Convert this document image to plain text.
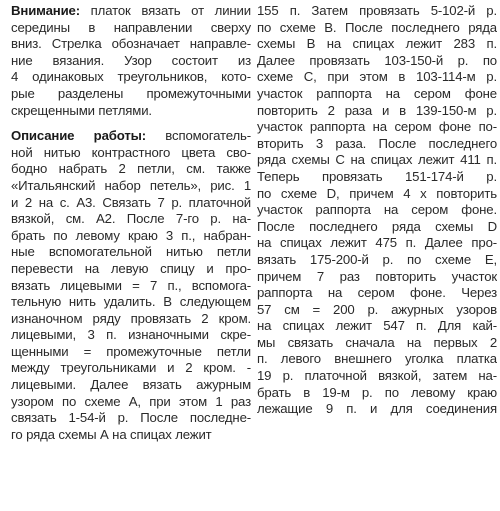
Внимание: платок вязать от линии
середины в направлении сверху
вниз. Стрелка обозначает направле-
ние вязания. Узор состоит из
4 одинаковых треугольников, кото-
рые разделены промежуточными
скрещенными петлями.
Описание работы: вспомогатель-
ной нитью контрастного цвета сво-
бодно набрать 2 петли, см. также
«Итальянский набор петель», рис. 1
и 2 на с. А3. Связать 7 р. платочной
вязкой, см. А2. После 7-го р. на-
брать по левому краю 3 п., набран-
ные вспомогательной нитью петли
перевести на левую спицу и про-
вязать лицевыми = 7 п., вспомога-
тельную нить удалить. В следующем
изнаночном ряду провязать 2 кром.
лицевыми, 3 п. изнаночными скре-
щенными = промежуточные петли
между треугольниками и 2 кром. -
лицевыми. Далее вязать ажурным
узором по схеме А, при этом 1 раз
связать 1-54-й р. После последне-
го ряда схемы А на спицах лежит
155 п. Затем провязать 5-102-й р.
по схеме В. После последнего ряда
схемы В на спицах лежит 283 п.
Далее провязать 103-150-й р. по
схеме С, при этом в 103-114-м р.
участок раппорта на сером фоне
повторить 2 раза и в 139-150-м р.
участок раппорта на сером фоне по-
вторить 3 раза. После последнего
ряда схемы С на спицах лежит 411 п.
Теперь провязать 151-174-й р.
по схеме D, причем 4 х повторить
участок раппорта на сером фоне.
После последнего ряда схемы D
на спицах лежит 475 п. Далее про-
вязать 175-200-й р. по схеме Е,
причем 7 раз повторить участок
раппорта на сером фоне. Через
57 см = 200 р. ажурных узоров
на спицах лежит 547 п. Для кай-
мы связать сначала на первых 2
п. левого внешнего уголка платка
19 р. платочной вязкой, затем на-
брать в 19-м р. по левому краю
лежащие 9 п. и для соединения
